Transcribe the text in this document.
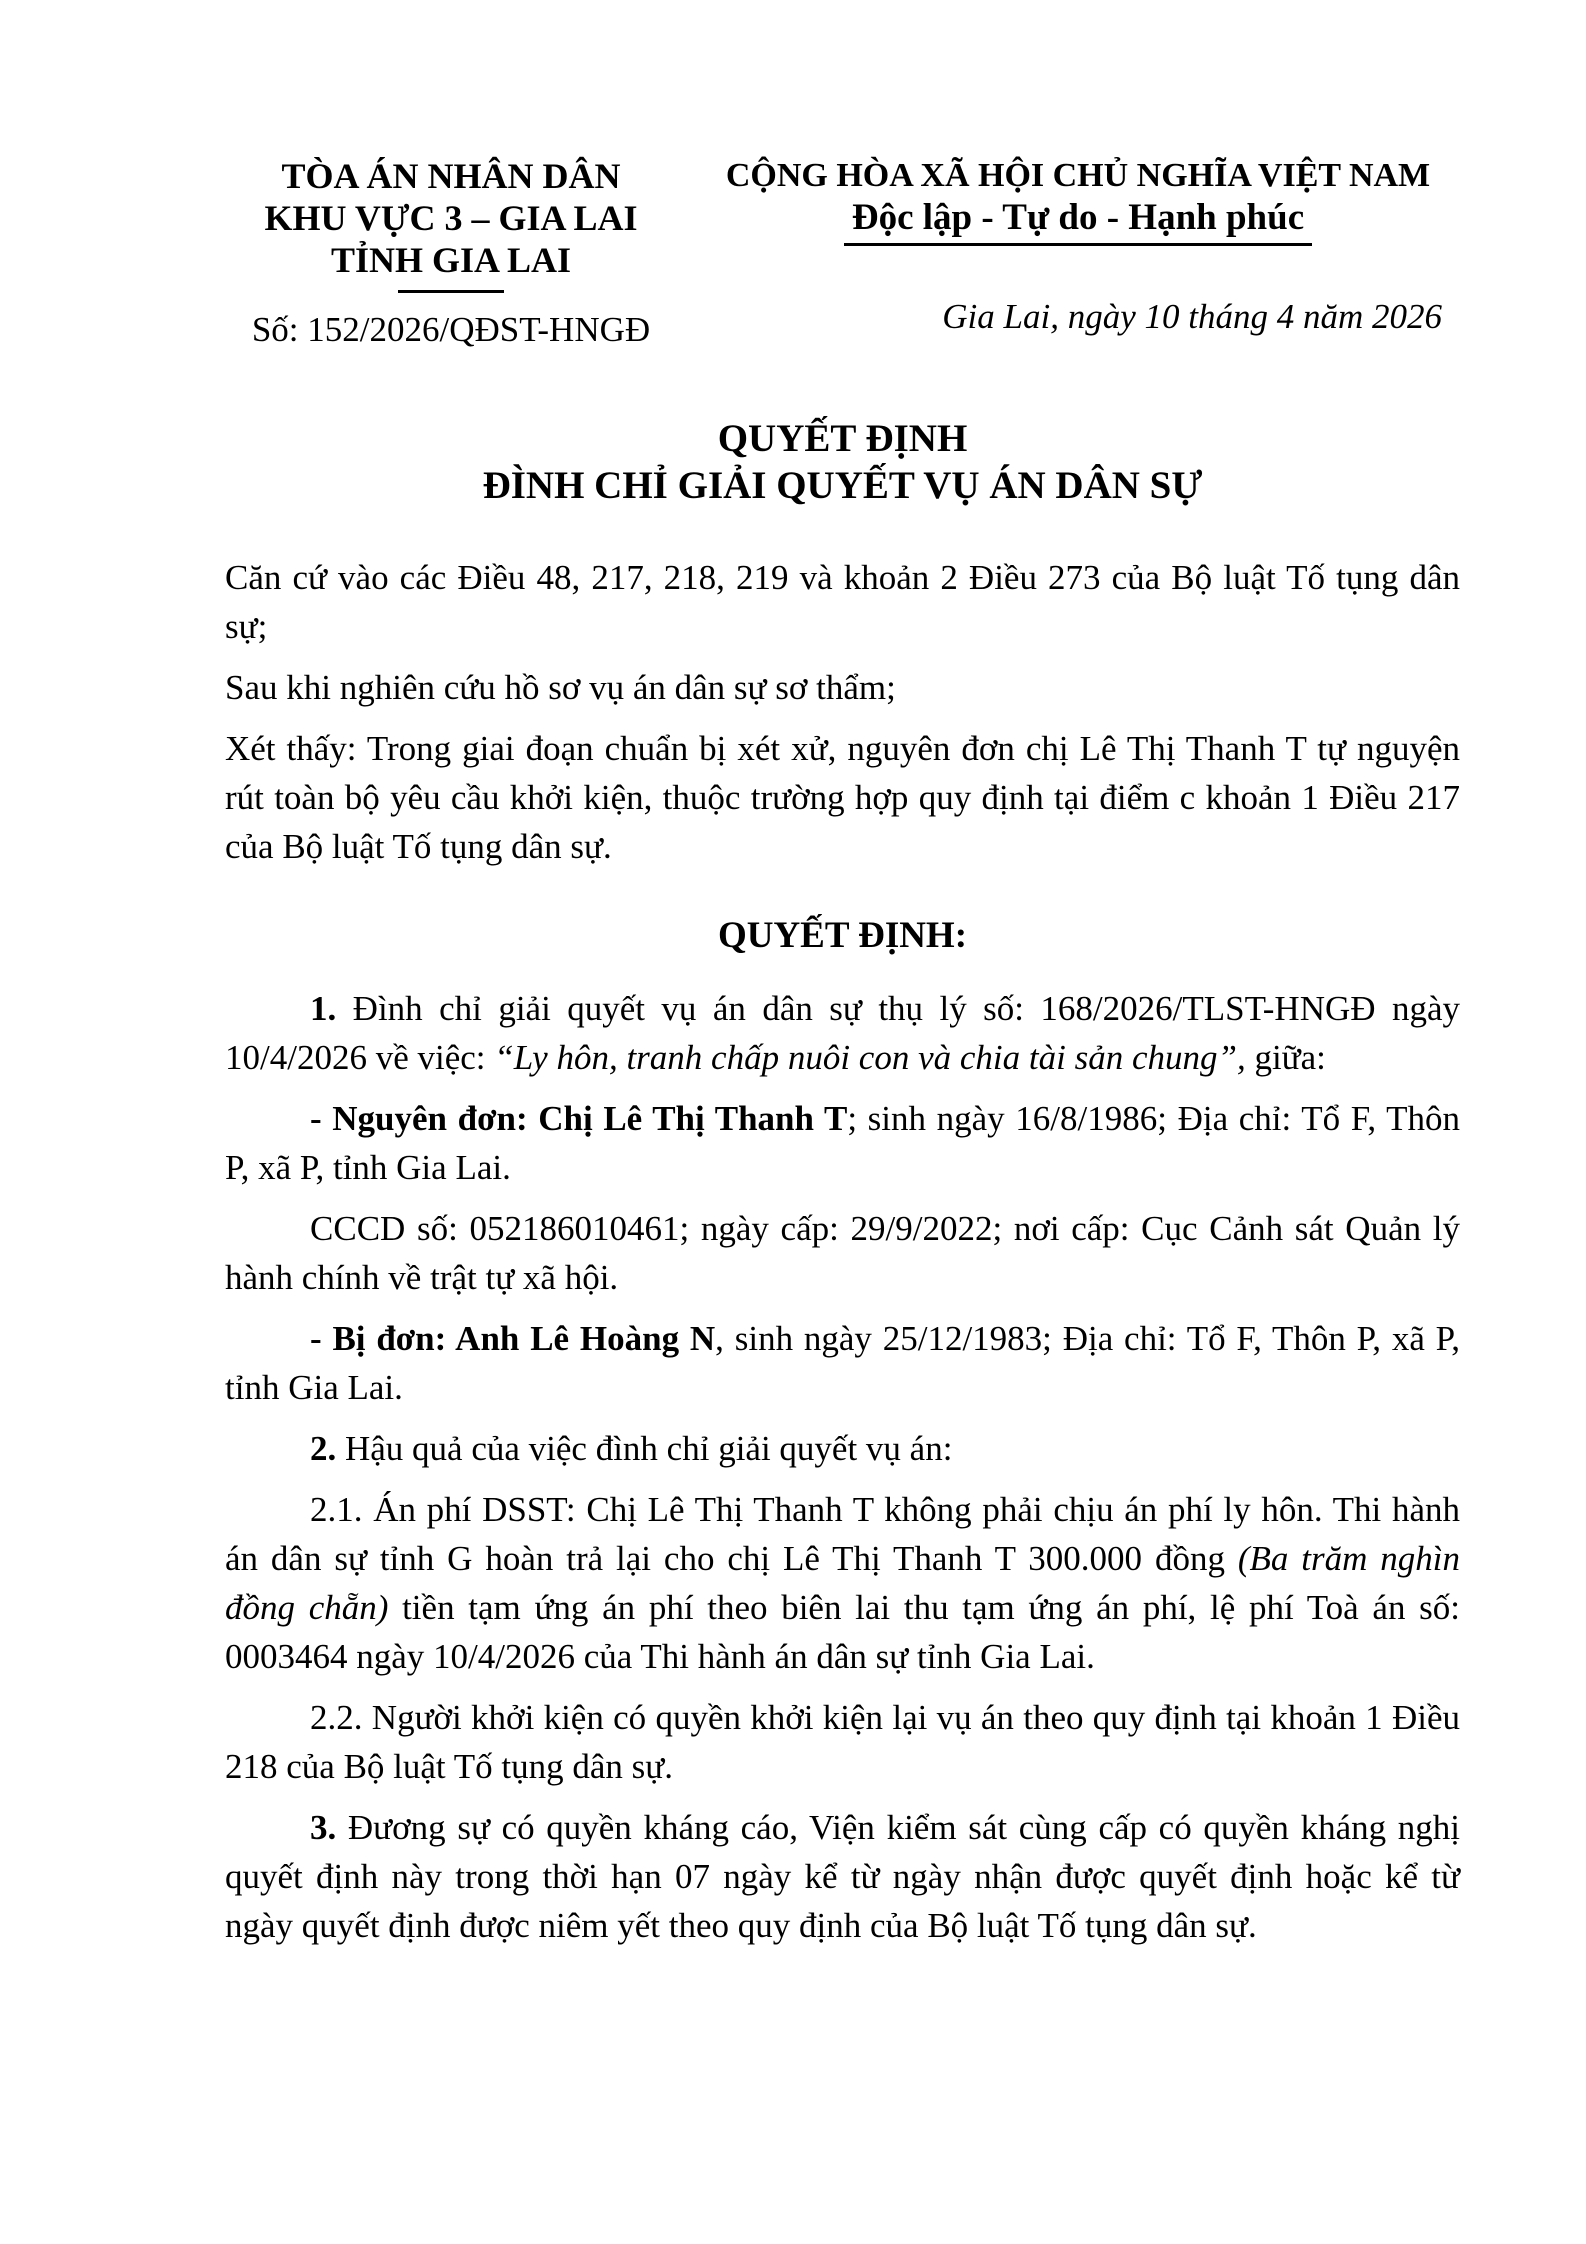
TÒA ÁN NHÂN DÂN
KHU VỰC 3 – GIA LAI
TỈNH GIA LAI
Số: 152/2026/QĐST-HNGĐ
CỘNG HÒA XÃ HỘI CHỦ NGHĨA VIỆT NAM
Độc lập - Tự do - Hạnh phúc
Gia Lai, ngày 10 tháng 4 năm 2026
QUYẾT ĐỊNH
ĐÌNH CHỈ GIẢI QUYẾT VỤ ÁN DÂN SỰ

Căn cứ vào các Điều 48, 217, 218, 219 và khoản 2 Điều 273 của Bộ luật Tố tụng dân sự;

Sau khi nghiên cứu hồ sơ vụ án dân sự sơ thẩm;

Xét thấy: Trong giai đoạn chuẩn bị xét xử, nguyên đơn chị Lê Thị Thanh T tự nguyện rút toàn bộ yêu cầu khởi kiện, thuộc trường hợp quy định tại điểm c khoản 1 Điều 217 của Bộ luật Tố tụng dân sự.

QUYẾT ĐỊNH:

1. Đình chỉ giải quyết vụ án dân sự thụ lý số: 168/2026/TLST-HNGĐ ngày 10/4/2026 về việc: “Ly hôn, tranh chấp nuôi con và chia tài sản chung”, giữa:

- Nguyên đơn: Chị Lê Thị Thanh T; sinh ngày 16/8/1986; Địa chỉ: Tổ F, Thôn P, xã P, tỉnh Gia Lai.

CCCD số: 052186010461; ngày cấp: 29/9/2022; nơi cấp: Cục Cảnh sát Quản lý hành chính về trật tự xã hội.

- Bị đơn: Anh Lê Hoàng N, sinh ngày 25/12/1983; Địa chỉ: Tổ F, Thôn P, xã P, tỉnh Gia Lai.

2. Hậu quả của việc đình chỉ giải quyết vụ án:

2.1. Án phí DSST: Chị Lê Thị Thanh T không phải chịu án phí ly hôn. Thi hành án dân sự tỉnh G hoàn trả lại cho chị Lê Thị Thanh T 300.000 đồng (Ba trăm nghìn đồng chẵn) tiền tạm ứng án phí theo biên lai thu tạm ứng án phí, lệ phí Toà án số: 0003464 ngày 10/4/2026 của Thi hành án dân sự tỉnh Gia Lai.

2.2. Người khởi kiện có quyền khởi kiện lại vụ án theo quy định tại khoản 1 Điều 218 của Bộ luật Tố tụng dân sự.

3. Đương sự có quyền kháng cáo, Viện kiểm sát cùng cấp có quyền kháng nghị quyết định này trong thời hạn 07 ngày kể từ ngày nhận được quyết định hoặc kể từ ngày quyết định được niêm yết theo quy định của Bộ luật Tố tụng dân sự.
